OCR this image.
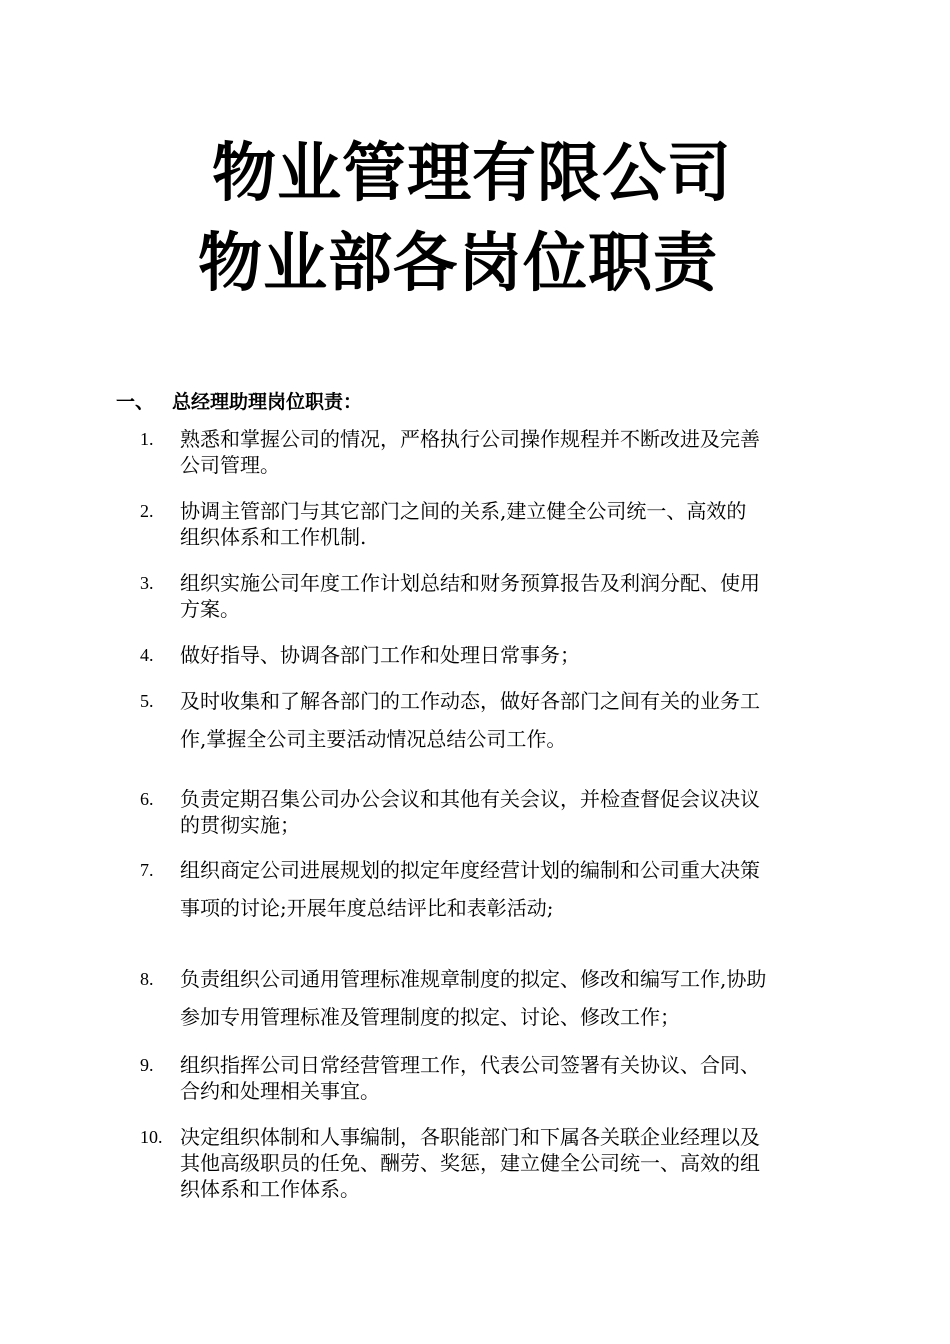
物业管理有限公司
物业部各岗位职责
一、 总经理助理岗位职责：
1.	熟悉和掌握公司的情况，严格执行公司操作规程并不断改进及完善
公司管理。
2.	协调主管部门与其它部门之间的关系,建立健全公司统一、高效的
组织体系和工作机制.
3.	组织实施公司年度工作计划总结和财务预算报告及利润分配、使用
方案。
4.	做好指导、协调各部门工作和处理日常事务；
5.	及时收集和了解各部门的工作动态，做好各部门之间有关的业务工
作,掌握全公司主要活动情况总结公司工作。
6.	负责定期召集公司办公会议和其他有关会议，并检查督促会议决议
的贯彻实施；
7.	组织商定公司进展规划的拟定年度经营计划的编制和公司重大决策
事项的讨论;开展年度总结评比和表彰活动;
8.	负责组织公司通用管理标准规章制度的拟定、修改和编写工作,协助
参加专用管理标准及管理制度的拟定、讨论、修改工作；
9.	组织指挥公司日常经营管理工作，代表公司签署有关协议、合同、
合约和处理相关事宜。
10. 决定组织体制和人事编制，各职能部门和下属各关联企业经理以及
其他高级职员的任免、酬劳、奖惩，建立健全公司统一、高效的组
织体系和工作体系。
